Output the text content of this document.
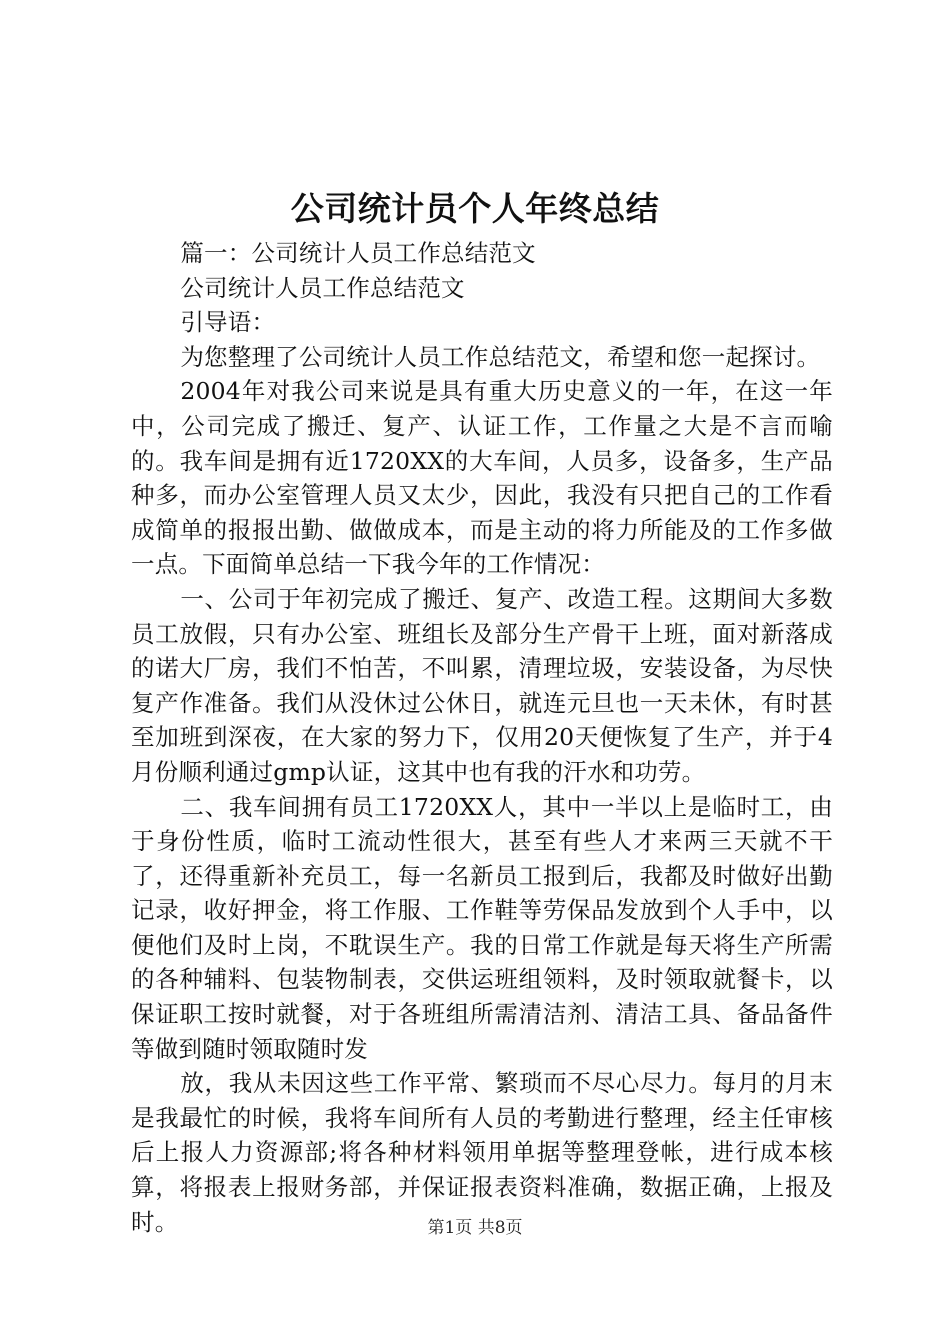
公司统计员个人年终总结

篇一：公司统计人员工作总结范文

公司统计人员工作总结范文

引导语：

为您整理了公司统计人员工作总结范文，希望和您一起探讨。

2004年对我公司来说是具有重大历史意义的一年，在这一年中，公司完成了搬迁、复产、认证工作，工作量之大是不言而喻的。我车间是拥有近1720XX的大车间，人员多，设备多，生产品种多，而办公室管理人员又太少，因此，我没有只把自己的工作看成简单的报报出勤、做做成本，而是主动的将力所能及的工作多做一点。下面简单总结一下我今年的工作情况：

一、公司于年初完成了搬迁、复产、改造工程。这期间大多数员工放假，只有办公室、班组长及部分生产骨干上班，面对新落成的诺大厂房，我们不怕苦，不叫累，清理垃圾，安装设备，为尽快复产作准备。我们从没休过公休日，就连元旦也一天未休，有时甚至加班到深夜，在大家的努力下，仅用20天便恢复了生产，并于4月份顺利通过gmp认证，这其中也有我的汗水和功劳。

二、我车间拥有员工1720XX人，其中一半以上是临时工，由于身份性质，临时工流动性很大，甚至有些人才来两三天就不干了，还得重新补充员工，每一名新员工报到后，我都及时做好出勤记录，收好押金，将工作服、工作鞋等劳保品发放到个人手中，以便他们及时上岗，不耽误生产。我的日常工作就是每天将生产所需的各种辅料、包装物制表，交供运班组领料，及时领取就餐卡，以保证职工按时就餐，对于各班组所需清洁剂、清洁工具、备品备件等做到随时领取随时发

放，我从未因这些工作平常、繁琐而不尽心尽力。每月的月末是我最忙的时候，我将车间所有人员的考勤进行整理，经主任审核后上报人力资源部;将各种材料领用单据等整理登帐，进行成本核算，将报表上报财务部，并保证报表资料准确，数据正确，上报及时。	第1页 共8页
